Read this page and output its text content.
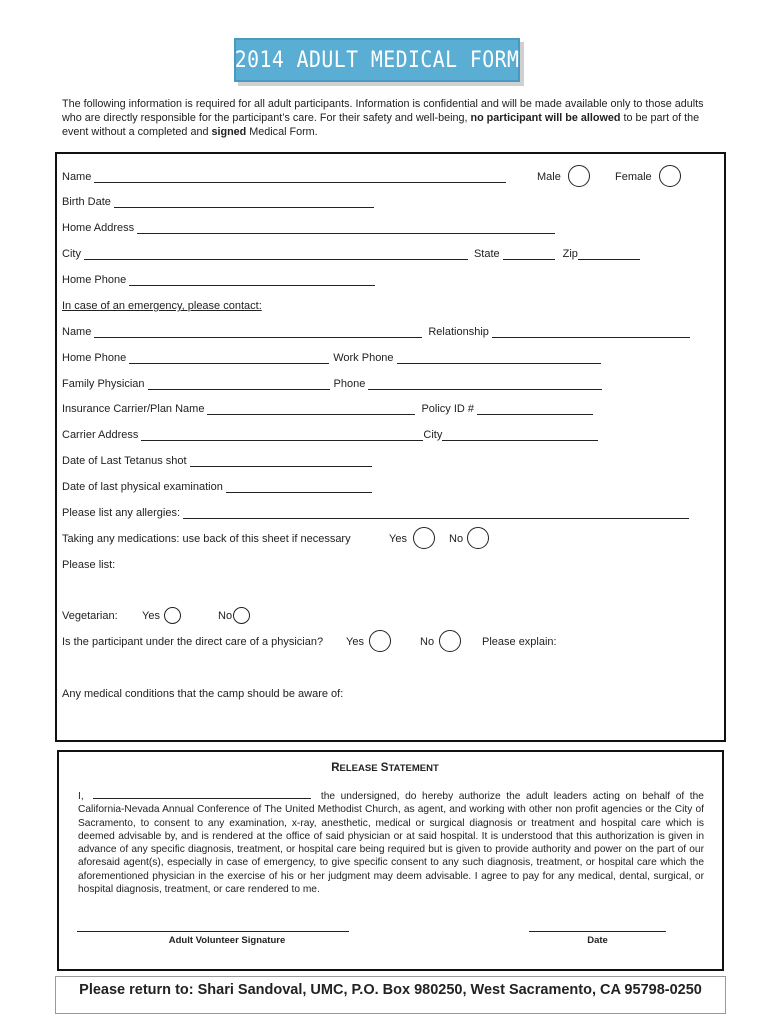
2014 ADULT MEDICAL FORM
The following information is required for all adult participants. Information is confidential and will be made available only to those adults who are directly responsible for the participant’s care. For their safety and well-being, no participant will be allowed to be part of the event without a completed and signed Medical Form.
Name	Male	Female
Birth Date
Home Address
City	State	Zip
Home Phone
In case of an emergency, please contact:
Name	Relationship
Home Phone	Work Phone
Family Physician	Phone
Insurance Carrier/Plan Name	Policy ID #
Carrier Address	City
Date of Last Tetanus shot
Date of last physical examination
Please list any allergies:
Taking any medications: use back of this sheet if necessary	Yes	No
Please list:
Vegetarian: Yes	No
Is the participant under the direct care of a physician? Yes	No	Please explain:
Any medical conditions that the camp should be aware of:
RELEASE STATEMENT
I,	the undersigned, do hereby authorize the adult leaders acting on behalf of the California-Nevada Annual Conference of The United Methodist Church, as agent, and working with other non profit agencies or the City of Sacramento, to consent to any examination, x-ray, anesthetic, medical or surgical diagnosis or treatment and hospital care which is deemed advisable by, and is rendered at the office of said physician or at said hospital. It is understood that this authorization is given in advance of any specific diagnosis, treatment, or hospital care being required but is given to provide authority and power on the part of our aforesaid agent(s), especially in case of emergency, to give specific consent to any such diagnosis, treatment, or hospital care which the aforementioned physician in the exercise of his or her judgment may deem advisable. I agree to pay for any medical, dental, surgical, or hospital diagnosis, treatment, or care rendered to me.
Adult Volunteer Signature	Date
Please return to: Shari Sandoval, UMC, P.O. Box 980250, West Sacramento, CA 95798-0250
